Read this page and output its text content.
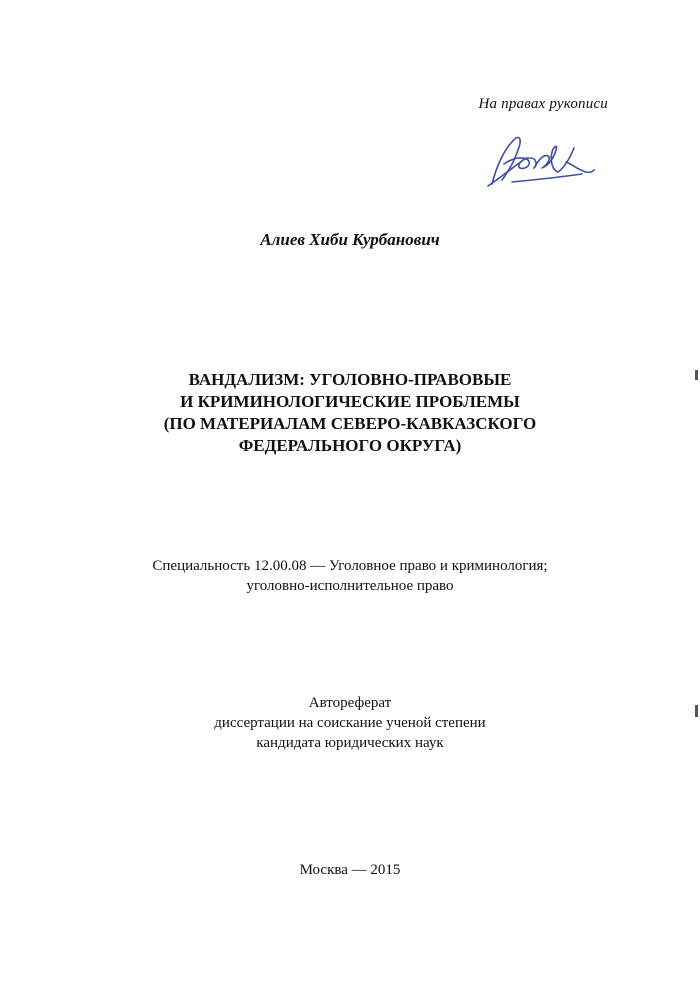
На правах рукописи
Алиев Хиби Курбанович
ВАНДАЛИЗМ: УГОЛОВНО-ПРАВОВЫЕ
И КРИМИНОЛОГИЧЕСКИЕ ПРОБЛЕМЫ
(ПО МАТЕРИАЛАМ СЕВЕРО-КАВКАЗСКОГО
ФЕДЕРАЛЬНОГО ОКРУГА)
Специальность 12.00.08 — Уголовное право и криминология;
уголовно-исполнительное право
Автореферат
диссертации на соискание ученой степени
кандидата юридических наук
Москва — 2015
